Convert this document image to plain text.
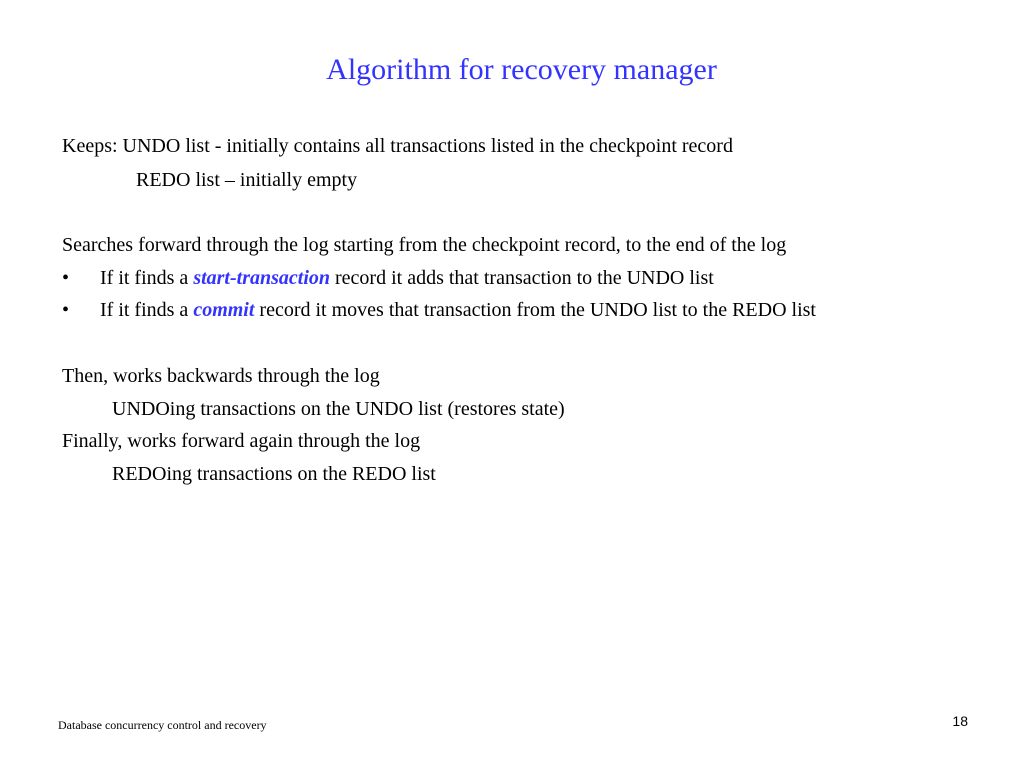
Algorithm for recovery manager
Keeps: UNDO list - initially contains all transactions listed in the checkpoint record
REDO list – initially empty
Searches forward through the log starting from the checkpoint record, to the end of the log
• If it finds a start-transaction record it adds that transaction to the UNDO list
• If it finds a commit record it moves that transaction from the UNDO list to the REDO list
Then, works backwards through the log
UNDOing transactions on the UNDO list (restores state)
Finally, works forward again through the log
REDOing transactions on the REDO list
Database concurrency control and recovery	18
